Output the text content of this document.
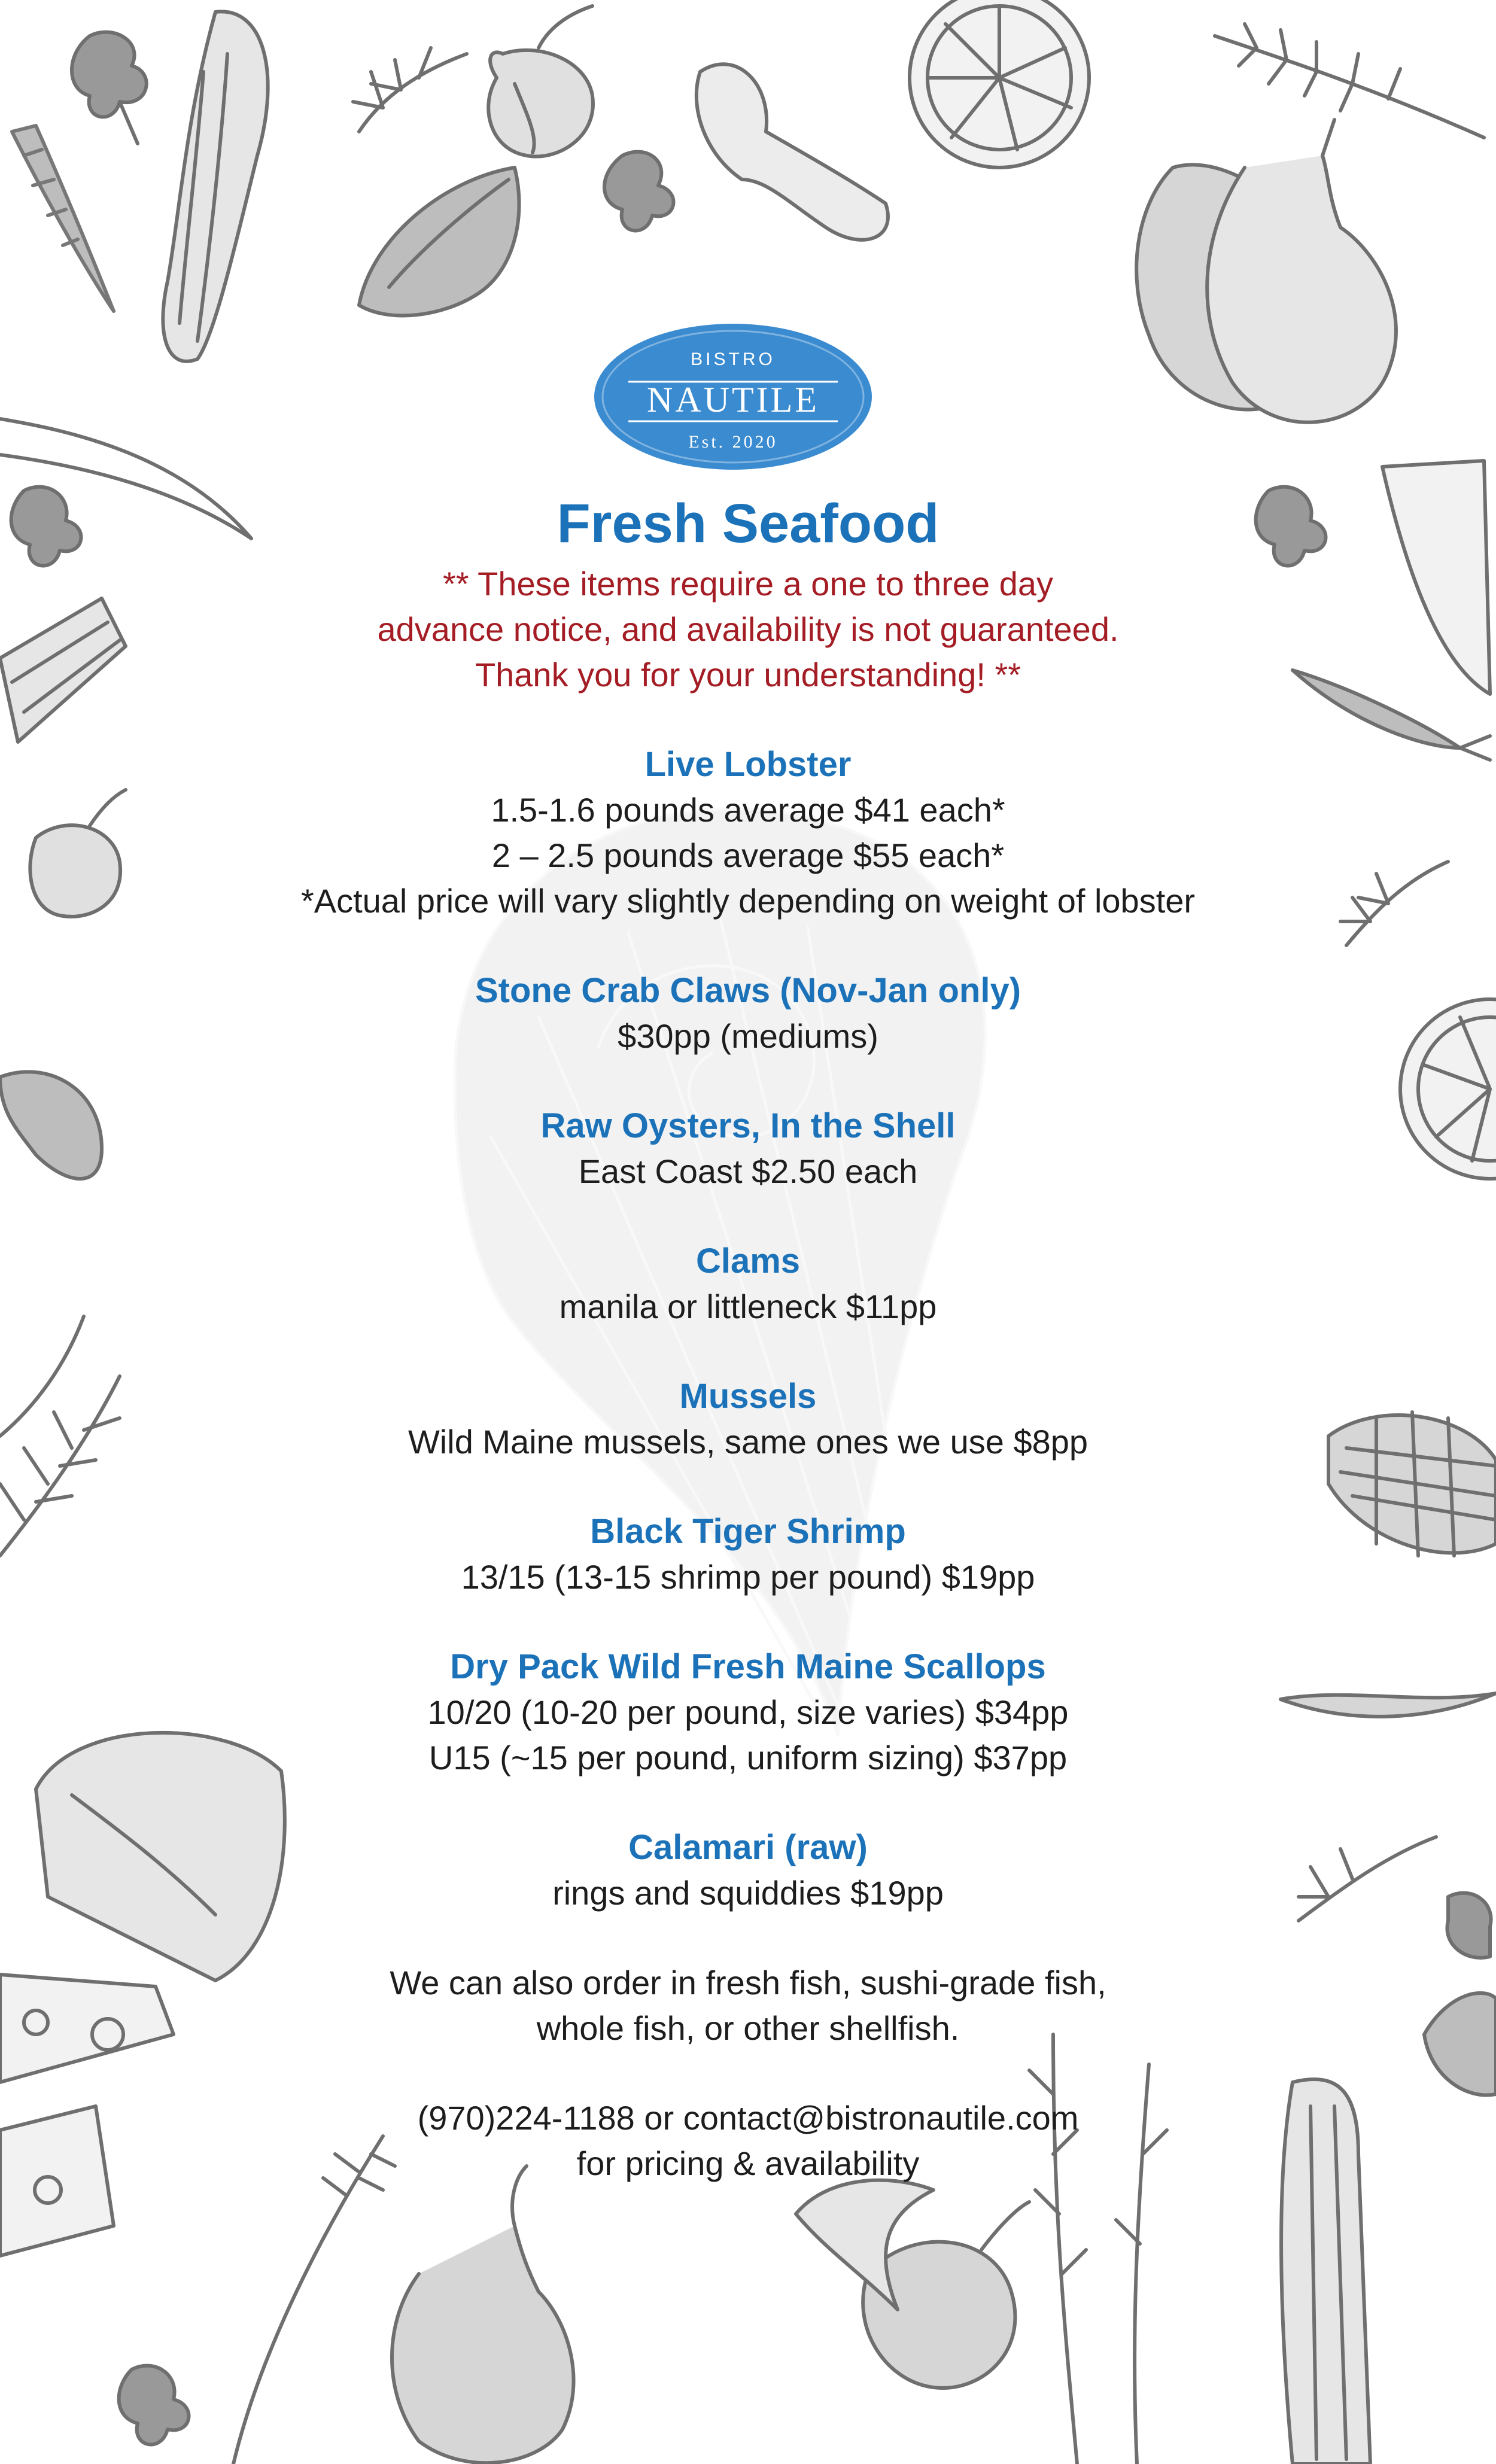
BISTRO
NAUTILE
Est. 2020
Fresh Seafood
** These items require a one to three day
advance notice, and availability is not guaranteed.
Thank you for your understanding! **
Live Lobster
1.5-1.6 pounds average $41 each*
2 – 2.5 pounds average $55 each*
*Actual price will vary slightly depending on weight of lobster
Stone Crab Claws (Nov-Jan only)
$30pp (mediums)
Raw Oysters, In the Shell
East Coast $2.50 each
Clams
manila or littleneck $11pp
Mussels
Wild Maine mussels, same ones we use $8pp
Black Tiger Shrimp
13/15 (13-15 shrimp per pound) $19pp
Dry Pack Wild Fresh Maine Scallops
10/20 (10-20 per pound, size varies) $34pp
U15 (~15 per pound, uniform sizing) $37pp
Calamari (raw)
rings and squiddies $19pp
We can also order in fresh fish, sushi-grade fish,
whole fish, or other shellfish.
(970)224-1188 or contact@bistronautile.com
for pricing & availability
